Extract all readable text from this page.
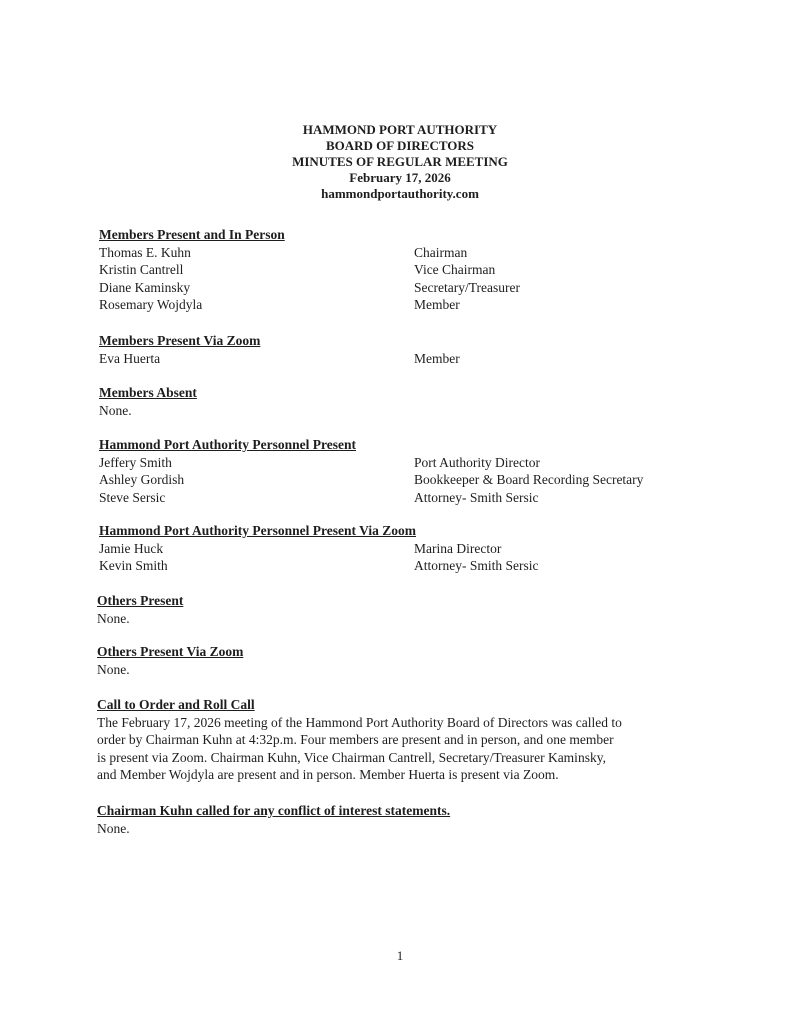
HAMMOND PORT AUTHORITY
BOARD OF DIRECTORS
MINUTES OF REGULAR MEETING
February 17, 2026
hammondportauthority.com
Members Present and In Person
Thomas E. Kuhn	Chairman
Kristin Cantrell	Vice Chairman
Diane Kaminsky	Secretary/Treasurer
Rosemary Wojdyla	Member
Members Present Via Zoom
Eva Huerta	Member
Members Absent
None.
Hammond Port Authority Personnel Present
Jeffery Smith	Port Authority Director
Ashley Gordish	Bookkeeper & Board Recording Secretary
Steve Sersic	Attorney- Smith Sersic
Hammond Port Authority Personnel Present Via Zoom
Jamie Huck	Marina Director
Kevin Smith	Attorney- Smith Sersic
Others Present
None.
Others Present Via Zoom
None.
Call to Order and Roll Call
The February 17, 2026 meeting of the Hammond Port Authority Board of Directors was called to
order by Chairman Kuhn at 4:32p.m. Four members are present and in person, and one member
is present via Zoom. Chairman Kuhn, Vice Chairman Cantrell, Secretary/Treasurer Kaminsky,
and Member Wojdyla are present and in person. Member Huerta is present via Zoom.
Chairman Kuhn called for any conflict of interest statements.
None.
1
